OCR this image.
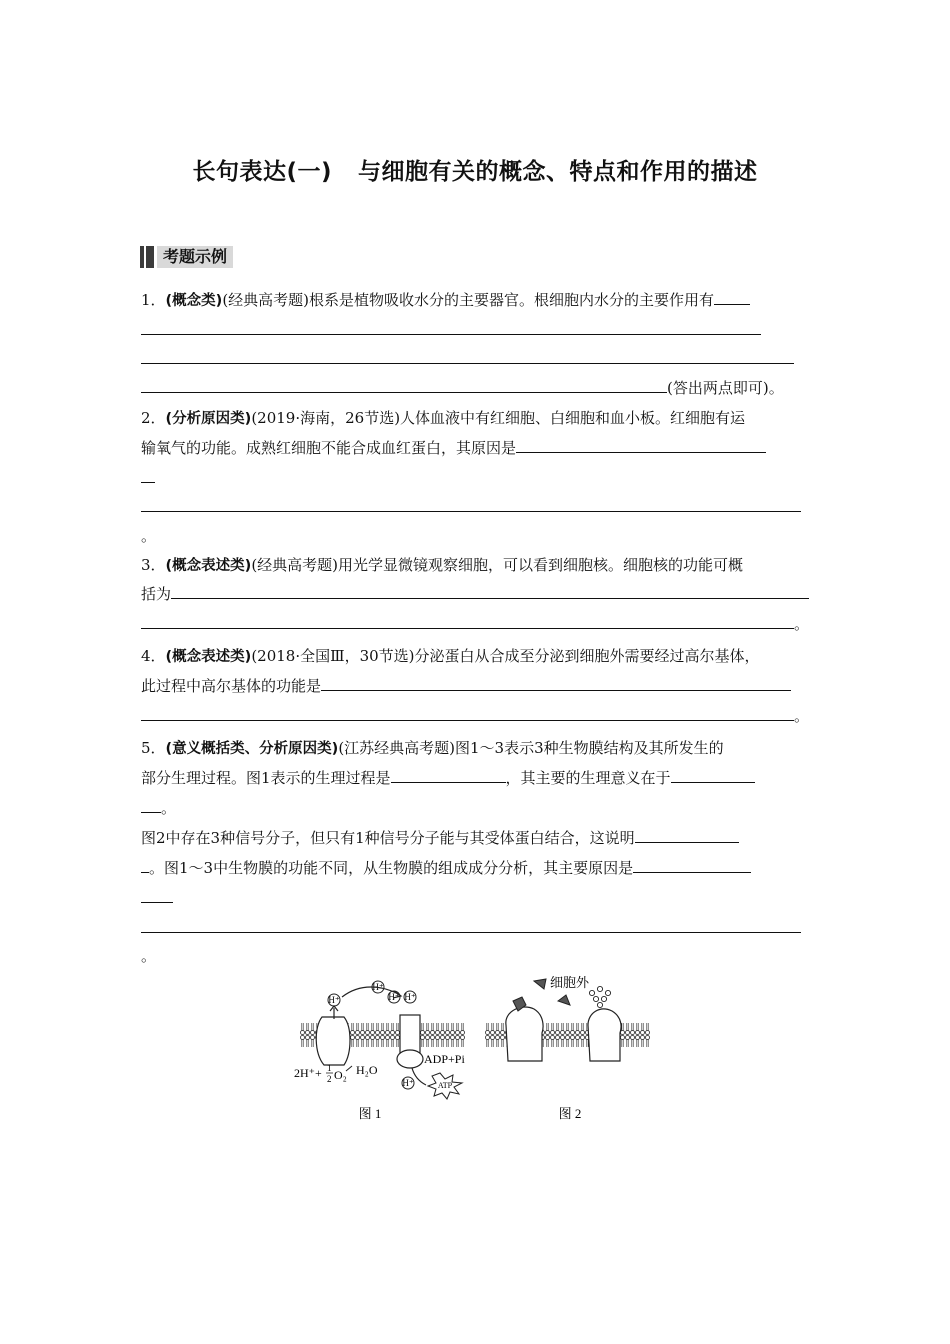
长句表达(一) 与细胞有关的概念、特点和作用的描述
考题示例
1．(概念类)(经典高考题)根系是植物吸收水分的主要器官。根细胞内水分的主要作用有
(答出两点即可)。
2．(分析原因类)(2019·海南，26节选)人体血液中有红细胞、白细胞和血小板。红细胞有运
输氧气的功能。成熟红细胞不能合成血红蛋白，其原因是
。
3．(概念表述类)(经典高考题)用光学显微镜观察细胞，可以看到细胞核。细胞核的功能可概
括为
。
4．(概念表述类)(2018·全国Ⅲ，30节选)分泌蛋白从合成至分泌到细胞外需要经过高尔基体，
此过程中高尔基体的功能是
。
5．(意义概括类、分析原因类)(江苏经典高考题)图1～3表示3种生物膜结构及其所发生的
部分生理过程。图1表示的生理过程是	，其主要的生理意义在于
。
图2中存在3种信号分子，但只有1种信号分子能与其受体蛋白结合，这说明
。图1～3中生物膜的功能不同，从生物膜的组成成分分析，其主要原因是
。
H⁺
H⁺
H⁺ H⁺
H⁺	ATP
ADP+Pi
2H⁺+ 1
2 O₂ H₂O
图 1
细胞外
图 2
